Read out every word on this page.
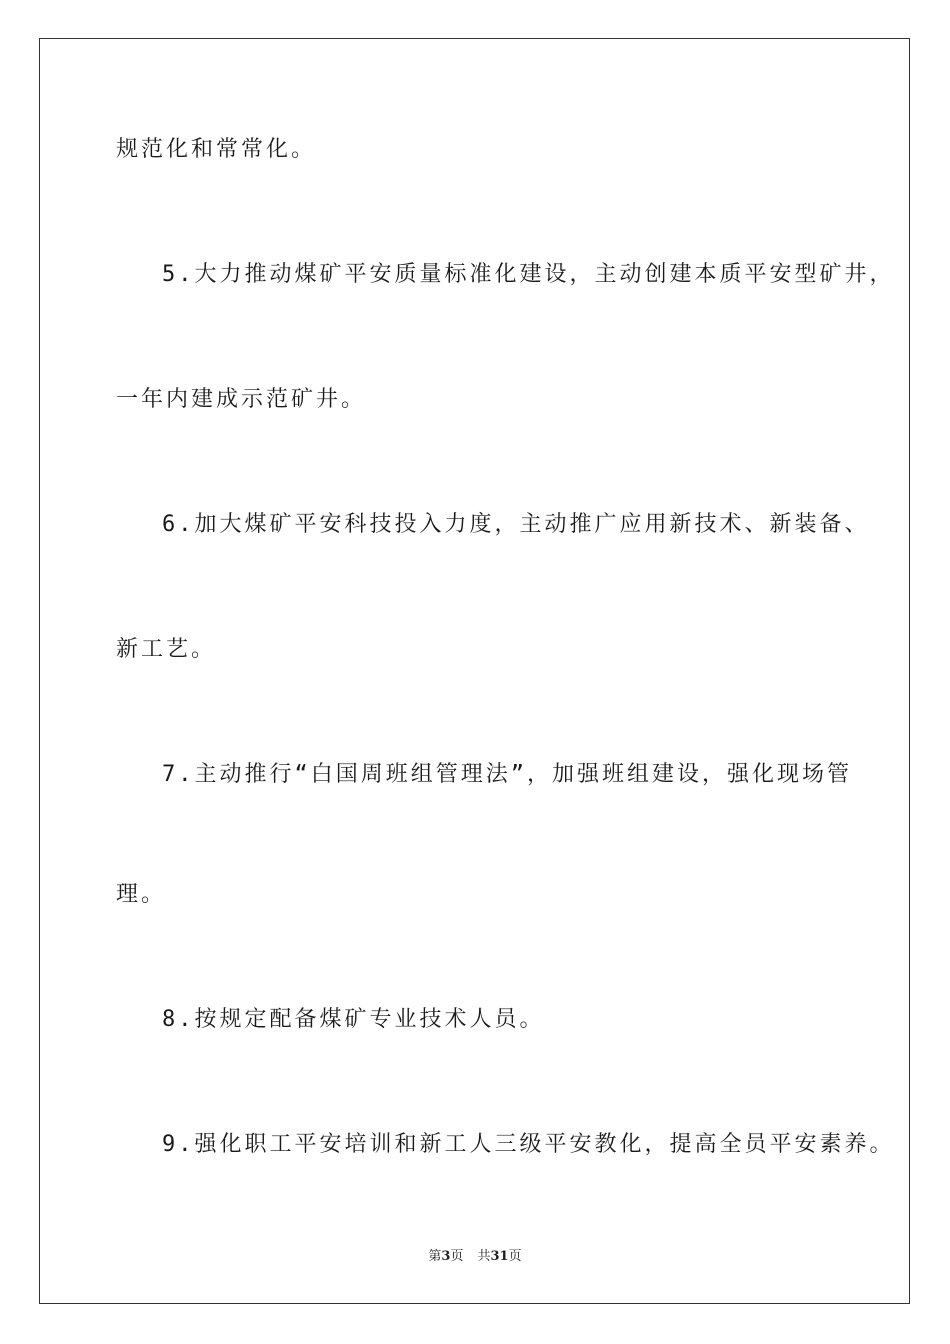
规范化和常常化。
5.大力推动煤矿平安质量标准化建设，主动创建本质平安型矿井，
一年内建成示范矿井。
6.加大煤矿平安科技投入力度，主动推广应用新技术、新装备、
新工艺。
7.主动推行“白国周班组管理法”，加强班组建设，强化现场管
理。
8.按规定配备煤矿专业技术人员。
9.强化职工平安培训和新工人三级平安教化，提高全员平安素养。
第3页 共31页
